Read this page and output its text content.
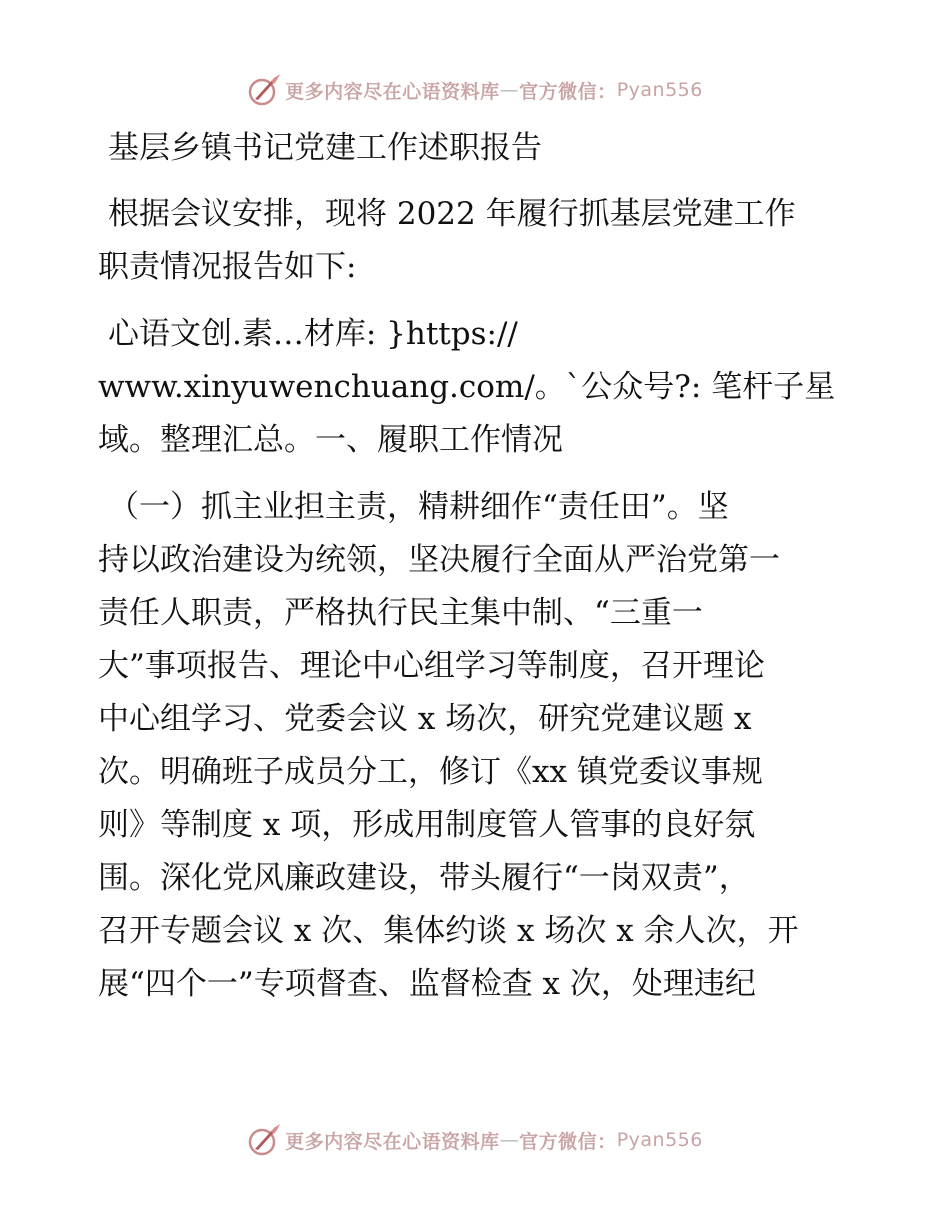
更多内容尽在心语资料库 — 官方微信： Pyan556

基层乡镇书记党建工作述职报告

根据会议安排，现将 2022 年履行抓基层党建工作

职责情况报告如下:

心语文创.素…材库: }https://

www.xinyuwenchuang.com/。`公众号?: 笔杆子星
域。整理汇总。一、履职工作情况

（一）抓主业担主责，精耕细作“责任田”。坚

持以政治建设为统领，坚决履行全面从严治党第一
责任人职责，严格执行民主集中制、“三重一
大”事项报告、理论中心组学习等制度，召开理论
中心组学习、党委会议 x 场次，研究党建议题 x
次。明确班子成员分工，修订《xx 镇党委议事规
则》等制度 x 项，形成用制度管人管事的良好氛
围。深化党风廉政建设，带头履行“一岗双责”，
召开专题会议 x 次、集体约谈 x 场次 x 余人次，开
展“四个一”专项督查、监督检查 x 次，处理违纪

更多内容尽在心语资料库 — 官方微信： Pyan556
